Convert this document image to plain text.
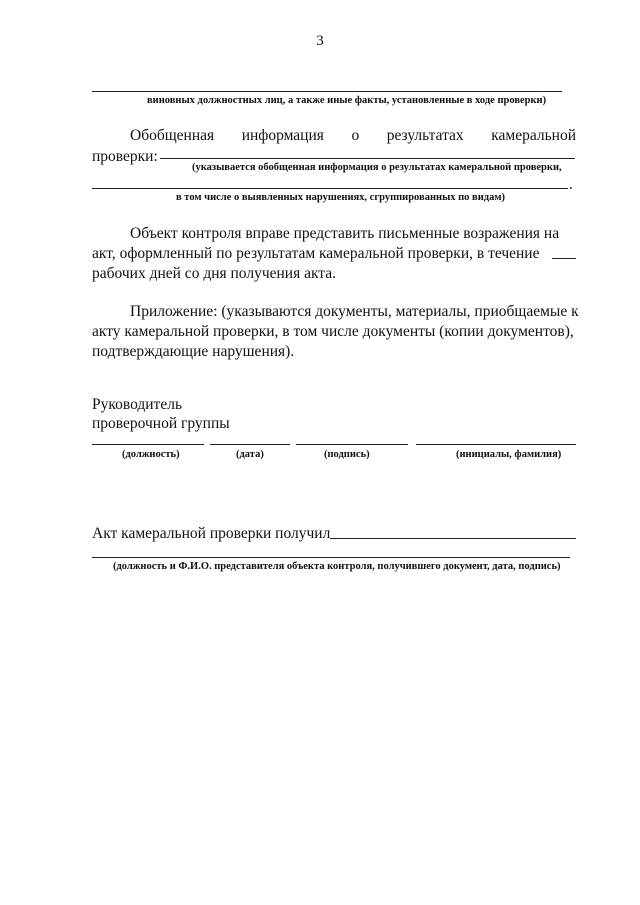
3
виновных должностных лиц, а также иные факты, установленные в ходе проверки)
Обобщенная информация о результатах камеральной
проверки:
(указывается обобщенная информация о результатах камеральной проверки,
.
в том числе о выявленных нарушениях, сгруппированных по видам)
Объект контроля вправе представить письменные возражения на
акт, оформленный по результатам камеральной проверки, в течение
рабочих дней со дня получения акта.
Приложение: (указываются документы, материалы, приобщаемые к
акту камеральной проверки, в том числе документы (копии документов),
подтверждающие нарушения).
Руководитель
проверочной группы
(должность)	(дата)	(подпись)	(инициалы, фамилия)
Акт камеральной проверки получил
(должность и Ф.И.О. представителя объекта контроля, получившего документ, дата, подпись)
